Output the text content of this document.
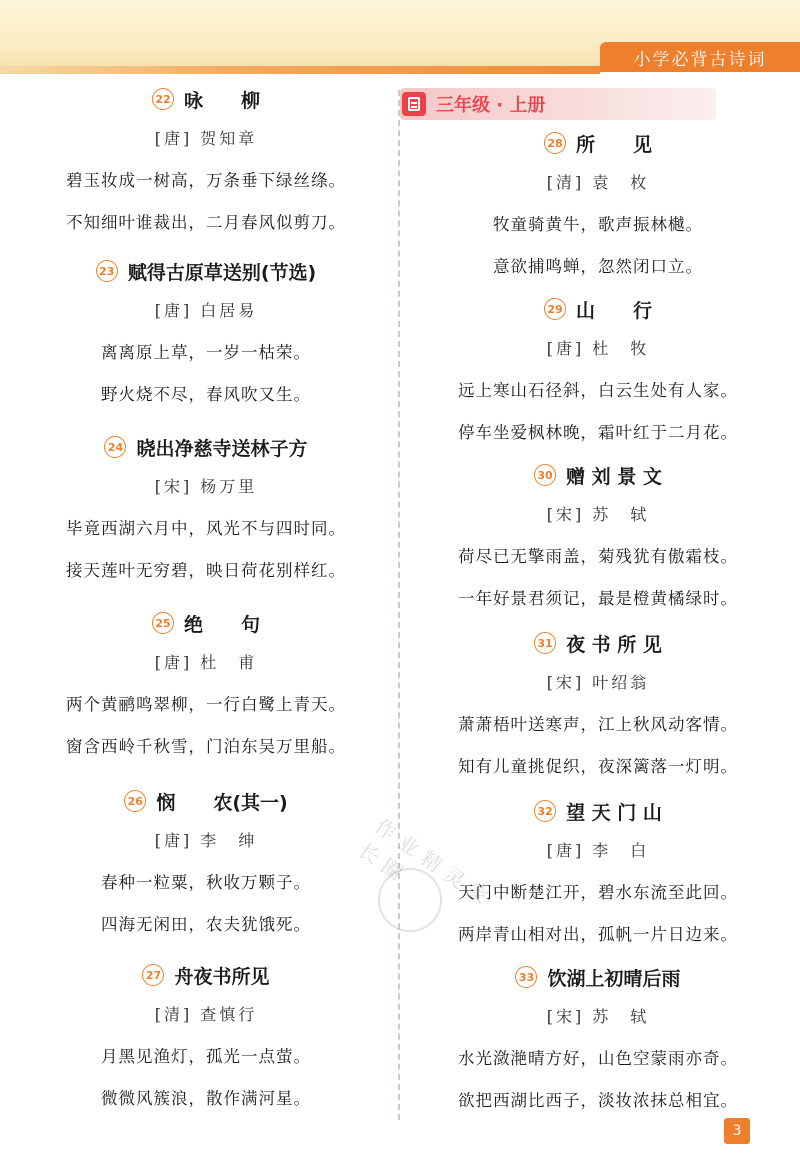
小学必背古诗词
三年级 · 上册
22 咏　　柳
[唐] 贺知章
碧玉妆成一树高，万条垂下绿丝绦。
不知细叶谁裁出，二月春风似剪刀。
23 赋得古原草送别(节选)
[唐] 白居易
离离原上草，一岁一枯荣。
野火烧不尽，春风吹又生。
24 晓出净慈寺送林子方
[宋] 杨万里
毕竟西湖六月中，风光不与四时同。
接天莲叶无穷碧，映日荷花别样红。
25 绝　　句
[唐] 杜　甫
两个黄鹂鸣翠柳，一行白鹭上青天。
窗含西岭千秋雪，门泊东吴万里船。
26 悯　　农(其一)
[唐] 李　绅
春种一粒粟，秋收万颗子。
四海无闲田，农夫犹饿死。
27 舟夜书所见
[清] 查慎行
月黑见渔灯，孤光一点萤。
微微风簇浪，散作满河星。
28 所　　见
[清] 袁　枚
牧童骑黄牛，歌声振林樾。
意欲捕鸣蝉，忽然闭口立。
29 山　　行
[唐] 杜　牧
远上寒山石径斜，白云生处有人家。
停车坐爱枫林晚，霜叶红于二月花。
30 赠 刘 景 文
[宋] 苏　轼
荷尽已无擎雨盖，菊残犹有傲霜枝。
一年好景君须记，最是橙黄橘绿时。
31 夜 书 所 见
[宋] 叶绍翁
萧萧梧叶送寒声，江上秋风动客情。
知有儿童挑促织，夜深篱落一灯明。
32 望 天 门 山
[唐] 李　白
天门中断楚江开，碧水东流至此回。
两岸青山相对出，孤帆一片日边来。
33 饮湖上初晴后雨
[宋] 苏　轼
水光潋滟晴方好，山色空蒙雨亦奇。
欲把西湖比西子，淡妆浓抹总相宜。
作业精灵家长圈
3
